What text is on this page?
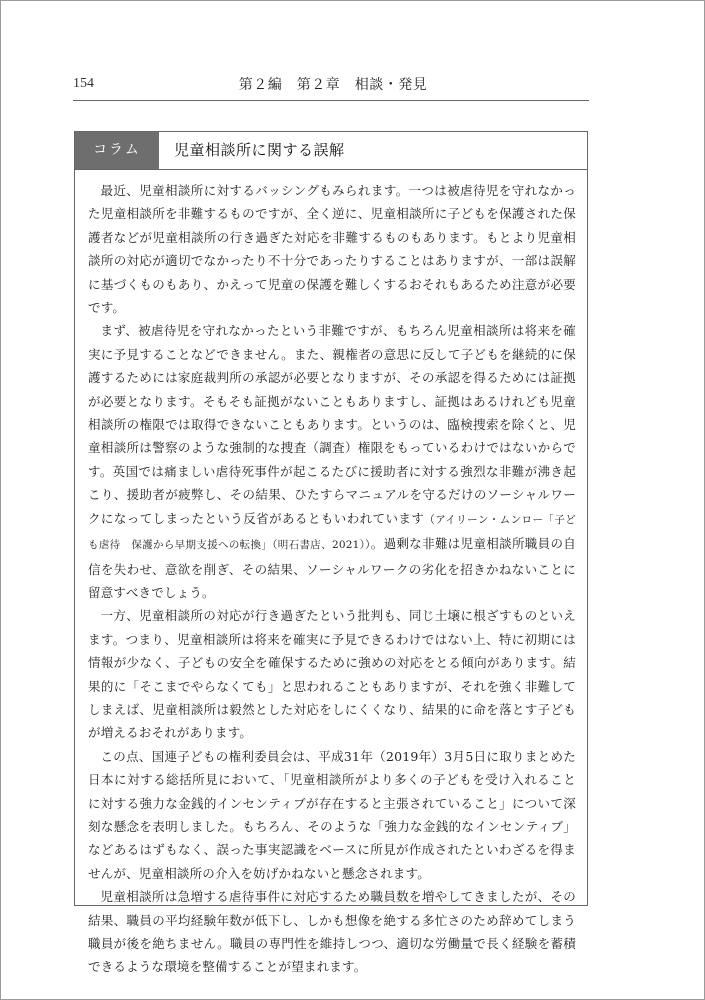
154	第２編　第２章　相談・発見
コラム	児童相談所に関する誤解

最近、児童相談所に対するバッシングもみられます。一つは被虐待児を守れなかった児童相談所を非難するものですが、全く逆に、児童相談所に子どもを保護された保護者などが児童相談所の行き過ぎた対応を非難するものもあります。もとより児童相談所の対応が適切でなかったり不十分であったりすることはありますが、一部は誤解に基づくものもあり、かえって児童の保護を難しくするおそれもあるため注意が必要です。

まず、被虐待児を守れなかったという非難ですが、もちろん児童相談所は将来を確実に予見することなどできません。また、親権者の意思に反して子どもを継続的に保護するためには家庭裁判所の承認が必要となりますが、その承認を得るためには証拠が必要となります。そもそも証拠がないこともありますし、証拠はあるけれども児童相談所の権限では取得できないこともあります。というのは、臨検捜索を除くと、児童相談所は警察のような強制的な捜査（調査）権限をもっているわけではないからです。英国では痛ましい虐待死事件が起こるたびに援助者に対する強烈な非難が沸き起こり、援助者が疲弊し、その結果、ひたすらマニュアルを守るだけのソーシャルワークになってしまったという反省があるともいわれています（アイリーン・ムンロー「子ども虐待　保護から早期支援への転換」（明石書店、2021））。過剰な非難は児童相談所職員の自信を失わせ、意欲を削ぎ、その結果、ソーシャルワークの劣化を招きかねないことに留意すべきでしょう。

一方、児童相談所の対応が行き過ぎたという批判も、同じ土壌に根ざすものといえます。つまり、児童相談所は将来を確実に予見できるわけではない上、特に初期には情報が少なく、子どもの安全を確保するために強めの対応をとる傾向があります。結果的に「そこまでやらなくても」と思われることもありますが、それを強く非難してしまえば、児童相談所は毅然とした対応をしにくくなり、結果的に命を落とす子どもが増えるおそれがあります。

この点、国連子どもの権利委員会は、平成31年（2019年）3月5日に取りまとめた日本に対する総括所見において、「児童相談所がより多くの子どもを受け入れることに対する強力な金銭的インセンティブが存在すると主張されていること」について深刻な懸念を表明しました。もちろん、そのような「強力な金銭的なインセンティブ」などあるはずもなく、誤った事実認識をベースに所見が作成されたといわざるを得ませんが、児童相談所の介入を妨げかねないと懸念されます。

児童相談所は急増する虐待事件に対応するため職員数を増やしてきましたが、その結果、職員の平均経験年数が低下し、しかも想像を絶する多忙さのため辞めてしまう職員が後を絶ちません。職員の専門性を維持しつつ、適切な労働量で長く経験を蓄積できるような環境を整備することが望まれます。
